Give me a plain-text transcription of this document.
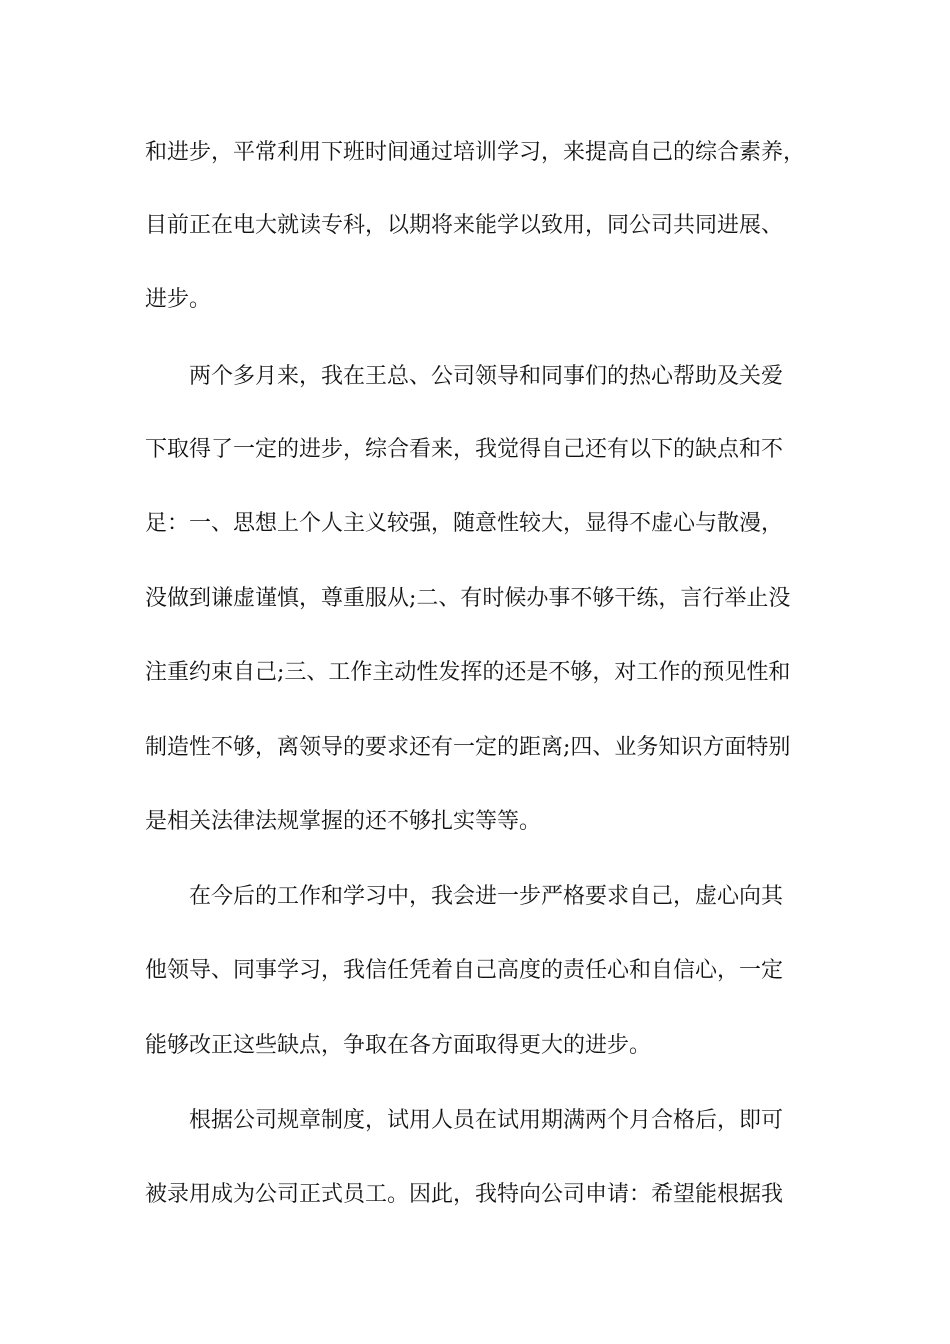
和进步，平常利用下班时间通过培训学习，来提高自己的综合素养，
目前正在电大就读专科，以期将来能学以致用，同公司共同进展、
进步。
两个多月来，我在王总、公司领导和同事们的热心帮助及关爱
下取得了一定的进步，综合看来，我觉得自己还有以下的缺点和不
足：一、思想上个人主义较强，随意性较大，显得不虚心与散漫，
没做到谦虚谨慎，尊重服从;二、有时候办事不够干练，言行举止没
注重约束自己;三、工作主动性发挥的还是不够，对工作的预见性和
制造性不够，离领导的要求还有一定的距离;四、业务知识方面特别
是相关法律法规掌握的还不够扎实等等。
在今后的工作和学习中，我会进一步严格要求自己，虚心向其
他领导、同事学习，我信任凭着自己高度的责任心和自信心，一定
能够改正这些缺点，争取在各方面取得更大的进步。
根据公司规章制度，试用人员在试用期满两个月合格后，即可
被录用成为公司正式员工。因此，我特向公司申请：希望能根据我
